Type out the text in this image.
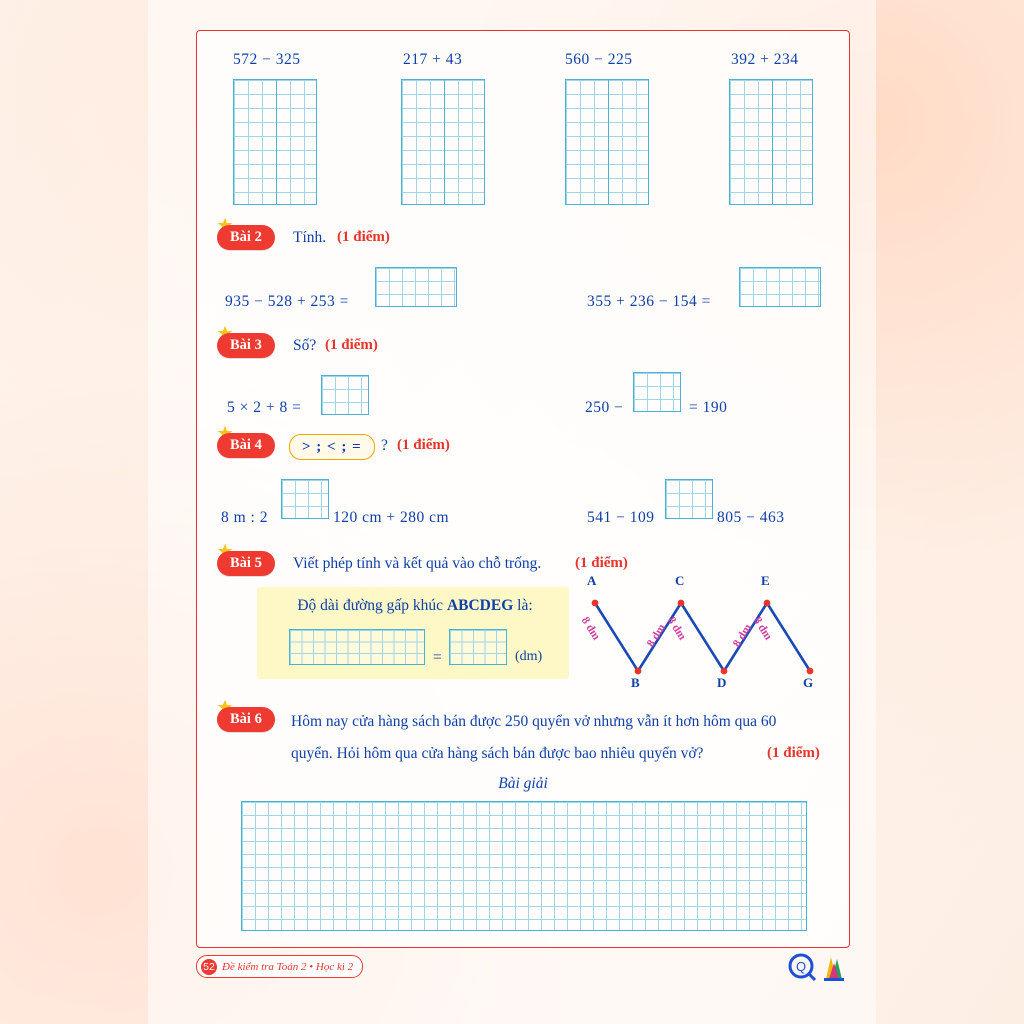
572 − 325	217 + 43	560 − 225	392 + 234
Bài 2	Tính. (1 điểm)
935 − 528 + 253 =	355 + 236 − 154 =
Bài 3	Số? (1 điểm)
5 × 2 + 8 =	250 −	= 190
Bài 4	> ; < ; =	? (1 điểm)
8 m : 2	120 cm + 280 cm	541 − 109	805 − 463
Bài 5	Viết phép tính và kết quả vào chỗ trống. (1 điểm)
Độ dài đường gấp khúc ABCDEG là:
=	(dm)
A	C	E
B	D	G
8 dm	8 dm
8 dm	8 dm
8 dm
Bài 6	Hôm nay cửa hàng sách bán được 250 quyển vở nhưng vẫn ít hơn hôm qua 60
quyển. Hỏi hôm qua cửa hàng sách bán được bao nhiêu quyển vở?	(1 điểm)
Bài giải
52 Đề kiểm tra Toán 2 • Học kì 2	Q
